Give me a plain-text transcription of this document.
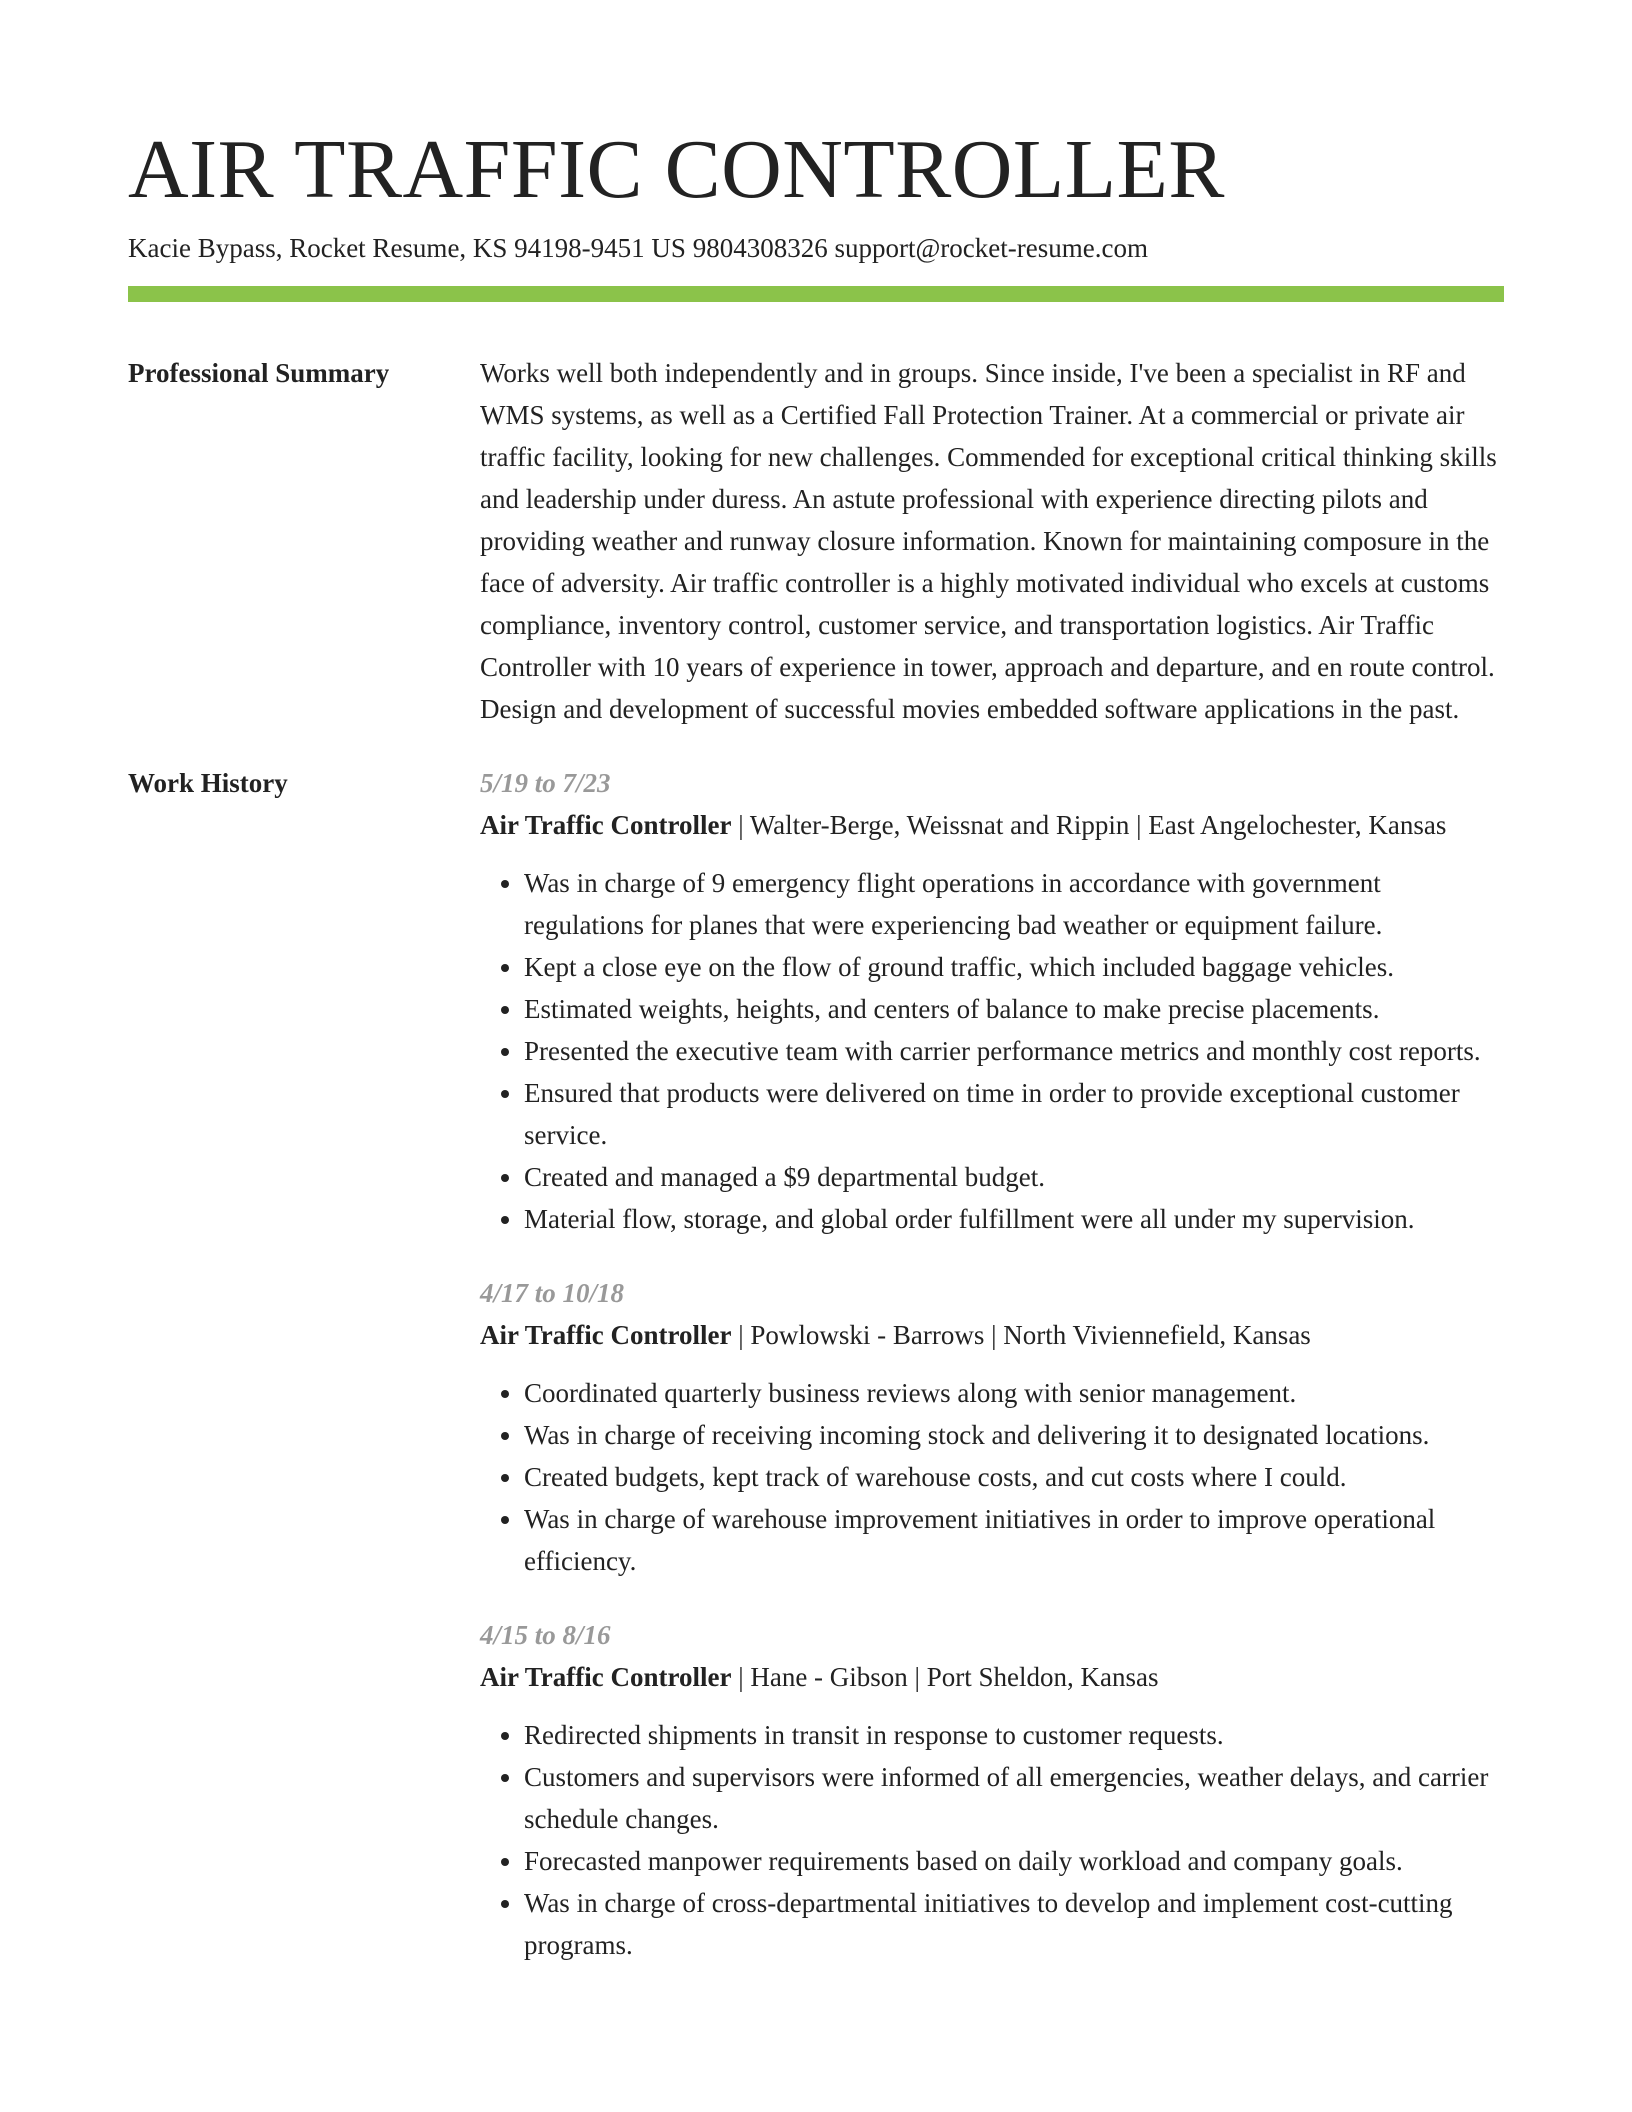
AIR TRAFFIC CONTROLLER
Kacie Bypass, Rocket Resume, KS 94198-9451 US 9804308326 support@rocket-resume.com
Professional Summary	Works well both independently and in groups. Since inside, I've been a specialist in RF and WMS systems, as well as a Certified Fall Protection Trainer. At a commercial or private air traffic facility, looking for new challenges. Commended for exceptional critical thinking skills and leadership under duress. An astute professional with experience directing pilots and providing weather and runway closure information. Known for maintaining composure in the face of adversity. Air traffic controller is a highly motivated individual who excels at customs compliance, inventory control, customer service, and transportation logistics. Air Traffic Controller with 10 years of experience in tower, approach and departure, and en route control. Design and development of successful movies embedded software applications in the past.
Work History	5/19 to 7/23
Air Traffic Controller | Walter-Berge, Weissnat and Rippin | East Angelochester, Kansas
• Was in charge of 9 emergency flight operations in accordance with government regulations for planes that were experiencing bad weather or equipment failure.
• Kept a close eye on the flow of ground traffic, which included baggage vehicles.
• Estimated weights, heights, and centers of balance to make precise placements.
• Presented the executive team with carrier performance metrics and monthly cost reports.
• Ensured that products were delivered on time in order to provide exceptional customer service.
• Created and managed a $9 departmental budget.
• Material flow, storage, and global order fulfillment were all under my supervision.
4/17 to 10/18
Air Traffic Controller | Powlowski - Barrows | North Viviennefield, Kansas
• Coordinated quarterly business reviews along with senior management.
• Was in charge of receiving incoming stock and delivering it to designated locations.
• Created budgets, kept track of warehouse costs, and cut costs where I could.
• Was in charge of warehouse improvement initiatives in order to improve operational efficiency.
4/15 to 8/16
Air Traffic Controller | Hane - Gibson | Port Sheldon, Kansas
• Redirected shipments in transit in response to customer requests.
• Customers and supervisors were informed of all emergencies, weather delays, and carrier schedule changes.
• Forecasted manpower requirements based on daily workload and company goals.
• Was in charge of cross-departmental initiatives to develop and implement cost-cutting programs.
